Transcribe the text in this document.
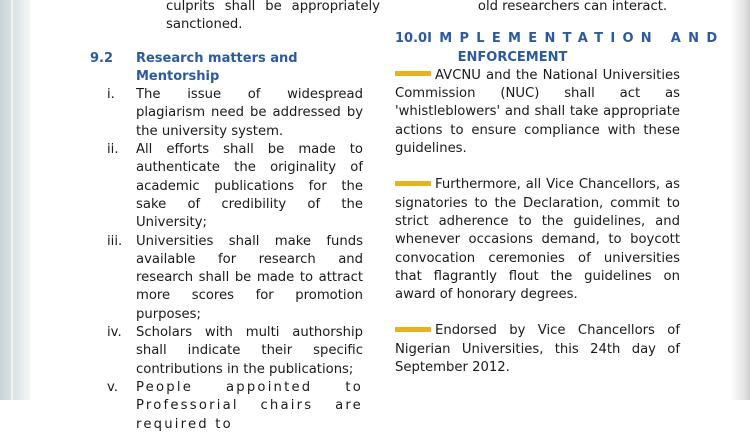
culprits shall be appropriately sanctioned.
9.2	Research matters and Mentorship
i.	The issue of widespread plagiarism need be addressed by the university system.
ii.	All efforts shall be made to authenticate the originality of academic publications for the sake of credibility of the University;
iii.	Universities shall make funds available for research and research shall be made to attract more scores for promotion purposes;
iv.	Scholars with multi authorship shall indicate their specific contributions in the publications;
v.	People appointed to Professorial chairs are required to
old researchers can interact.
10.0 IMPLEMENTATION AND
ENFORCEMENT
AVCNU and the National Universities Commission (NUC) shall act as 'whistleblowers' and shall take appropriate actions to ensure compliance with these guidelines.
Furthermore, all Vice Chancellors, as signatories to the Declaration, commit to strict adherence to the guidelines, and whenever occasions demand, to boycott convocation ceremonies of universities that flagrantly flout the guidelines on award of honorary degrees.
Endorsed by Vice Chancellors of Nigerian Universities, this 24th day of September 2012.
